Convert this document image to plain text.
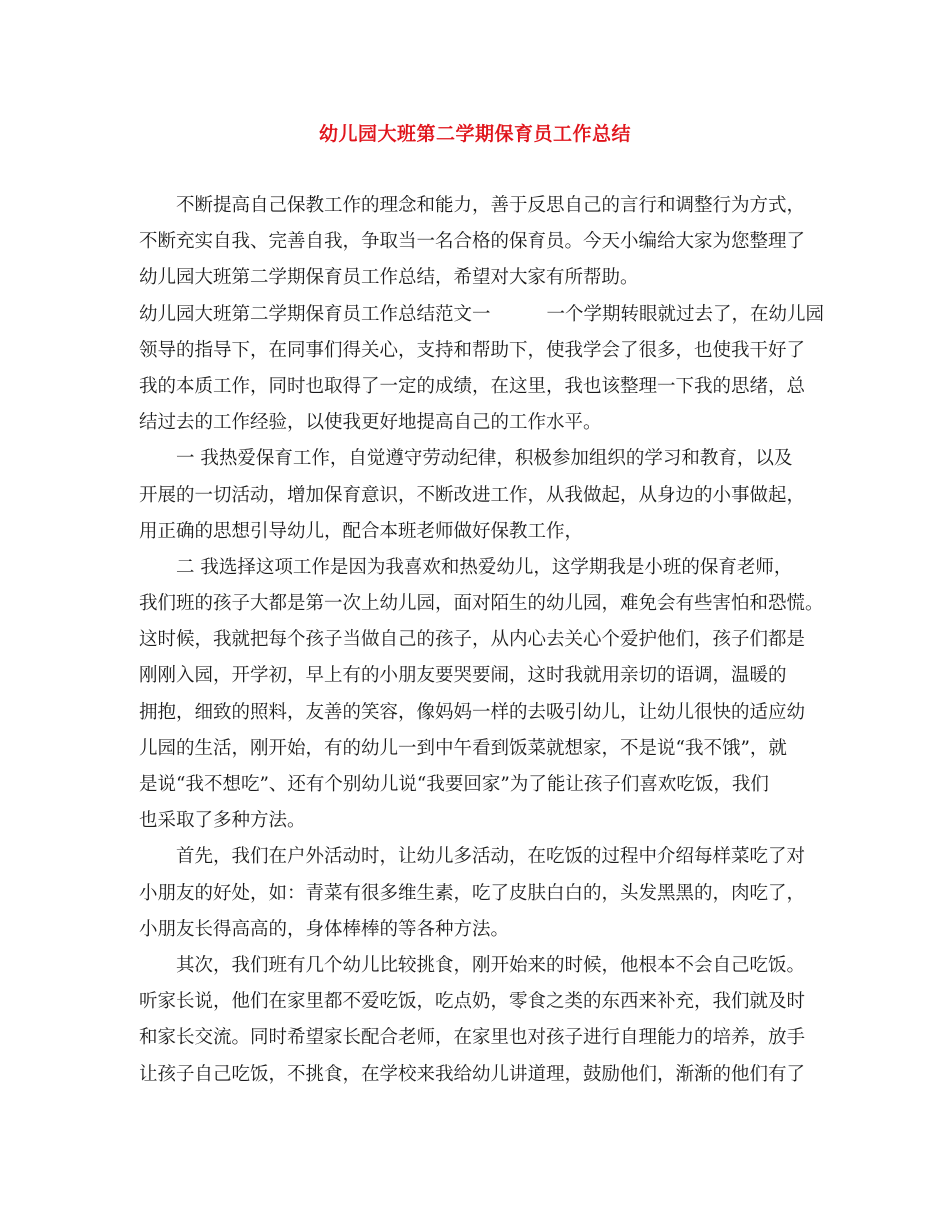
幼儿园大班第二学期保育员工作总结
不断提高自己保教工作的理念和能力，善于反思自己的言行和调整行为方式，
不断充实自我、完善自我，争取当一名合格的保育员。今天小编给大家为您整理了
幼儿园大班第二学期保育员工作总结，希望对大家有所帮助。
幼儿园大班第二学期保育员工作总结范文一	一个学期转眼就过去了，在幼儿园
领导的指导下，在同事们得关心，支持和帮助下，使我学会了很多，也使我干好了
我的本质工作，同时也取得了一定的成绩，在这里，我也该整理一下我的思绪，总
结过去的工作经验，以使我更好地提高自己的工作水平。
一 我热爱保育工作，自觉遵守劳动纪律，积极参加组织的学习和教育，以及
开展的一切活动，增加保育意识，不断改进工作，从我做起，从身边的小事做起，
用正确的思想引导幼儿，配合本班老师做好保教工作，
二 我选择这项工作是因为我喜欢和热爱幼儿，这学期我是小班的保育老师，
我们班的孩子大都是第一次上幼儿园，面对陌生的幼儿园，难免会有些害怕和恐慌。
这时候，我就把每个孩子当做自己的孩子，从内心去关心个爱护他们，孩子们都是
刚刚入园，开学初，早上有的小朋友要哭要闹，这时我就用亲切的语调，温暖的
拥抱，细致的照料，友善的笑容，像妈妈一样的去吸引幼儿，让幼儿很快的适应幼
儿园的生活，刚开始，有的幼儿一到中午看到饭菜就想家，不是说“我不饿”，就
是说“我不想吃”、还有个别幼儿说“我要回家”为了能让孩子们喜欢吃饭，我们
也采取了多种方法。
首先，我们在户外活动时，让幼儿多活动，在吃饭的过程中介绍每样菜吃了对
小朋友的好处，如：青菜有很多维生素，吃了皮肤白白的，头发黑黑的，肉吃了，
小朋友长得高高的，身体棒棒的等各种方法。
其次，我们班有几个幼儿比较挑食，刚开始来的时候，他根本不会自己吃饭。
听家长说，他们在家里都不爱吃饭，吃点奶，零食之类的东西来补充，我们就及时
和家长交流。同时希望家长配合老师，在家里也对孩子进行自理能力的培养，放手
让孩子自己吃饭，不挑食，在学校来我给幼儿讲道理，鼓励他们，渐渐的他们有了
